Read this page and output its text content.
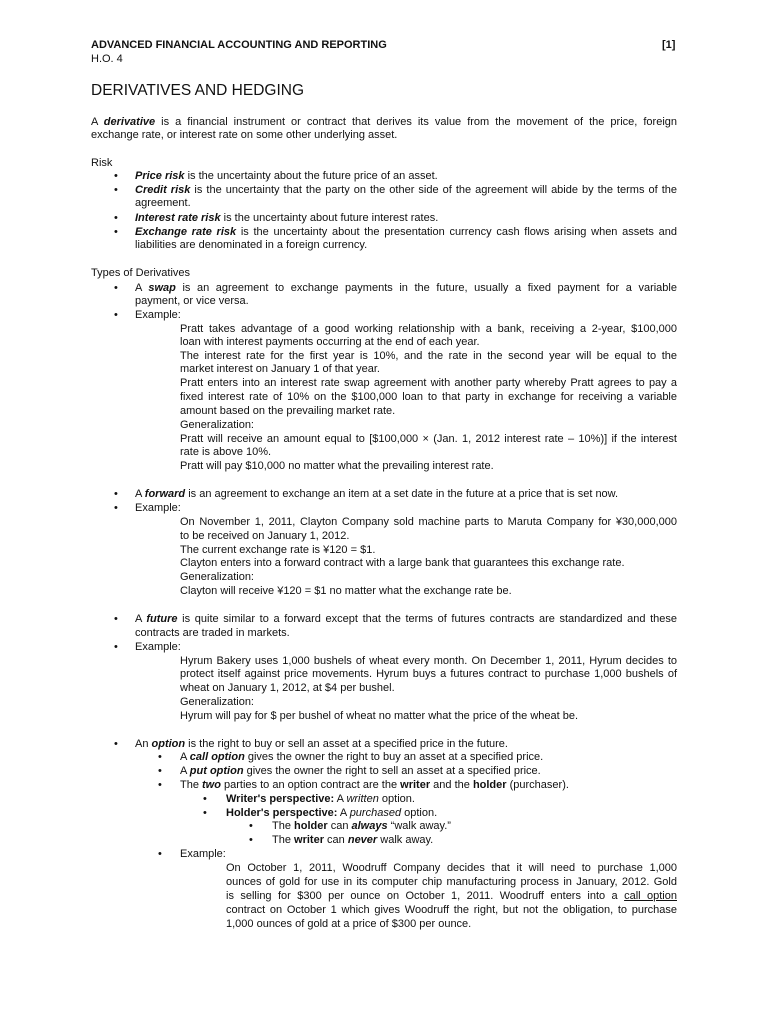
ADVANCED FINANCIAL ACCOUNTING AND REPORTING	[1]
H.O. 4
DERIVATIVES AND HEDGING
A derivative is a financial instrument or contract that derives its value from the movement of the price, foreign
exchange rate, or interest rate on some other underlying asset.
Risk
• Price risk is the uncertainty about the future price of an asset.
• Credit risk is the uncertainty that the party on the other side of the agreement will abide by the terms of the
agreement.
• Interest rate risk is the uncertainty about future interest rates.
• Exchange rate risk is the uncertainty about the presentation currency cash flows arising when assets and
liabilities are denominated in a foreign currency.
Types of Derivatives
• A swap is an agreement to exchange payments in the future, usually a fixed payment for a variable
payment, or vice versa.
• Example:
Pratt takes advantage of a good working relationship with a bank, receiving a 2-year, $100,000
loan with interest payments occurring at the end of each year.
The interest rate for the first year is 10%, and the rate in the second year will be equal to the
market interest on January 1 of that year.
Pratt enters into an interest rate swap agreement with another party whereby Pratt agrees to pay a
fixed interest rate of 10% on the $100,000 loan to that party in exchange for receiving a variable
amount based on the prevailing market rate.
Generalization:
Pratt will receive an amount equal to [$100,000 × (Jan. 1, 2012 interest rate – 10%)] if the interest
rate is above 10%.
Pratt will pay $10,000 no matter what the prevailing interest rate.
• A forward is an agreement to exchange an item at a set date in the future at a price that is set now.
• Example:
On November 1, 2011, Clayton Company sold machine parts to Maruta Company for ¥30,000,000
to be received on January 1, 2012.
The current exchange rate is ¥120 = $1.
Clayton enters into a forward contract with a large bank that guarantees this exchange rate.
Generalization:
Clayton will receive ¥120 = $1 no matter what the exchange rate be.
• A future is quite similar to a forward except that the terms of futures contracts are standardized and these
contracts are traded in markets.
• Example:
Hyrum Bakery uses 1,000 bushels of wheat every month. On December 1, 2011, Hyrum decides to
protect itself against price movements. Hyrum buys a futures contract to purchase 1,000 bushels of
wheat on January 1, 2012, at $4 per bushel.
Generalization:
Hyrum will pay for $ per bushel of wheat no matter what the price of the wheat be.
• An option is the right to buy or sell an asset at a specified price in the future.
• A call option gives the owner the right to buy an asset at a specified price.
• A put option gives the owner the right to sell an asset at a specified price.
• The two parties to an option contract are the writer and the holder (purchaser).
• Writer's perspective: A written option.
• Holder's perspective: A purchased option.
• The holder can always “walk away.”
• The writer can never walk away.
• Example:
On October 1, 2011, Woodruff Company decides that it will need to purchase 1,000
ounces of gold for use in its computer chip manufacturing process in January, 2012. Gold
is selling for $300 per ounce on October 1, 2011. Woodruff enters into a call option
contract on October 1 which gives Woodruff the right, but not the obligation, to purchase
1,000 ounces of gold at a price of $300 per ounce.
